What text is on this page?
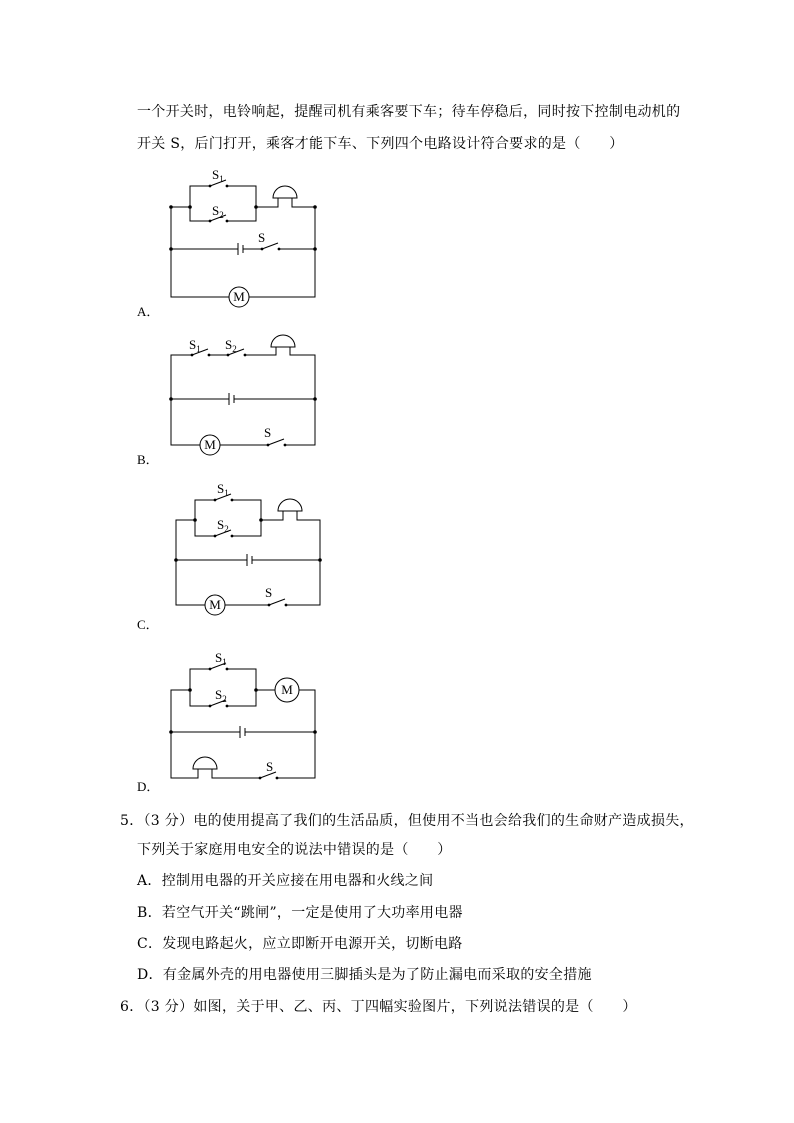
一个开关时，电铃响起，提醒司机有乘客要下车；待车停稳后，同时按下控制电动机的
开关 S，后门打开，乘客才能下车、下列四个电路设计符合要求的是（　　）
$S_1$
$S_2$
S
M
A．
$S_1$ $S_2$
S
M
B．
$S_1$
$S_2$
S
M
C．
$S_1$
$S_2$
S
M
D．
5．（3 分）电的使用提高了我们的生活品质，但使用不当也会给我们的生命财产造成损失，
下列关于家庭用电安全的说法中错误的是（　　）
A．控制用电器的开关应接在用电器和火线之间
B．若空气开关“跳闸”，一定是使用了大功率用电器
C．发现电路起火，应立即断开电源开关，切断电路
D．有金属外壳的用电器使用三脚插头是为了防止漏电而采取的安全措施
6．（3 分）如图，关于甲、乙、丙、丁四幅实验图片，下列说法错误的是（　　）
